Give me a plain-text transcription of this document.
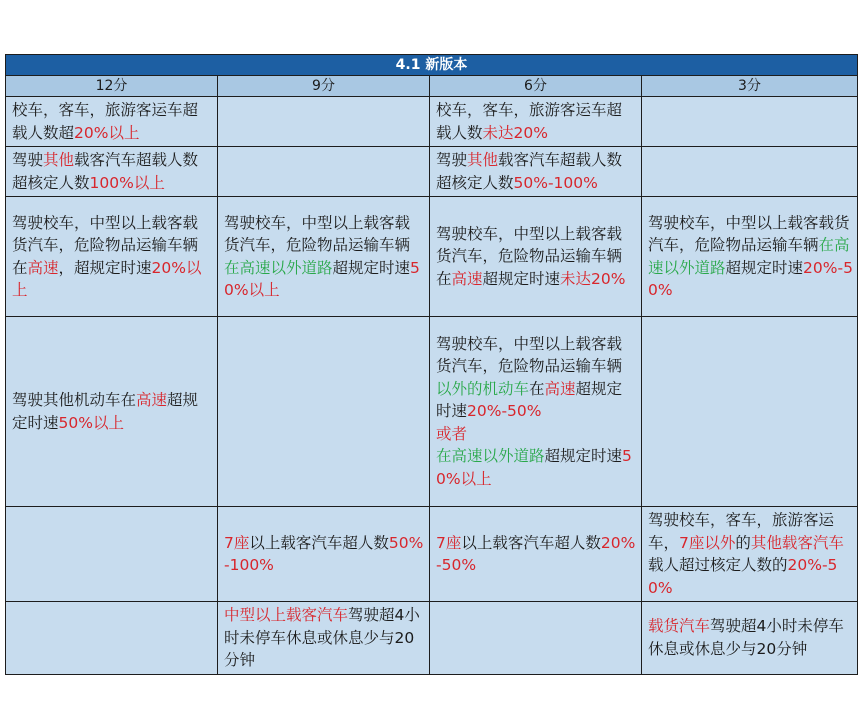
4.1 新版本			
12分	9分	6分	3分
校车，客车，旅游客运车超载人数超20%以上		校车，客车，旅游客运车超载人数未达20%	
驾驶其他载客汽车超载人数超核定人数100%以上		驾驶其他载客汽车超载人数超核定人数50%-100%	
驾驶校车，中型以上载客载货汽车，危险物品运输车辆在高速，超规定时速20%以上	驾驶校车，中型以上载客载货汽车，危险物品运输车辆在高速以外道路超规定时速50%以上	驾驶校车，中型以上载客载货汽车，危险物品运输车辆在高速超规定时速未达20%	驾驶校车，中型以上载客载货汽车，危险物品运输车辆在高速以外道路超规定时速20%-50%
驾驶其他机动车在高速超规定时速50%以上		驾驶校车，中型以上载客载货汽车，危险物品运输车辆以外的机动车在高速超规定时速20%-50%
或者
在高速以外道路超规定时速50%以上	
	7座以上载客汽车超人数50%-100%	7座以上载客汽车超人数20%-50%	驾驶校车，客车，旅游客运车，7座以外的其他载客汽车载人超过核定人数的20%-50%
	中型以上载客汽车驾驶超4小时未停车休息或休息少与20分钟		载货汽车驾驶超4小时未停车休息或休息少与20分钟
